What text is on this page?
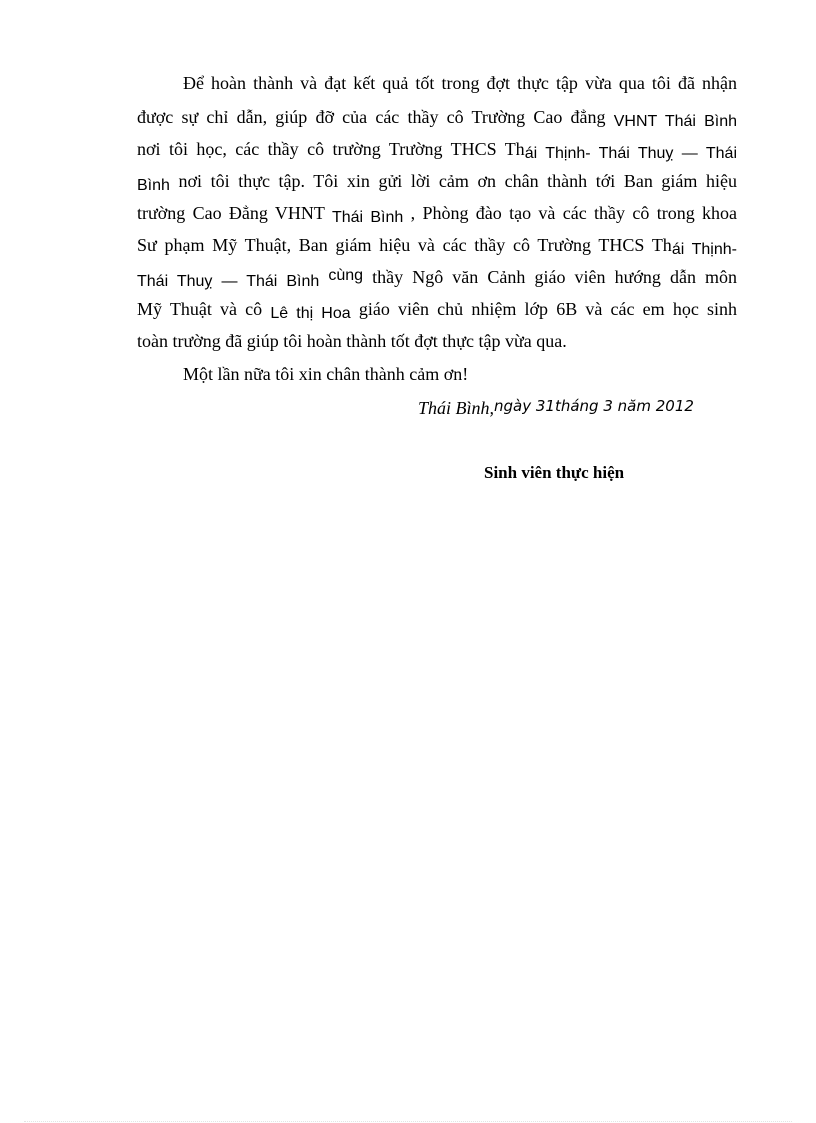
Để hoàn thành và đạt kết quả tốt trong đợt thực tập vừa qua tôi đã nhận
được sự chỉ dẫn, giúp đỡ của các thầy cô Trường Cao đẳng VHNT Thái Bình
nơi tôi học, các thầy cô trường Trường THCS Thái Thịnh- Thái Thuỵ — Thái
Bình nơi tôi thực tập. Tôi xin gửi lời cảm ơn chân thành tới Ban giám hiệu
trường Cao Đẳng VHNT Thái Bình , Phòng đào tạo và các thầy cô trong khoa
Sư phạm Mỹ Thuật, Ban giám hiệu và các thầy cô Trường THCS Thái Thịnh-
Thái Thuỵ — Thái Bình cùng thầy Ngô văn Cảnh giáo viên hướng dẫn môn
Mỹ Thuật và cô Lê thị Hoa giáo viên chủ nhiệm lớp 6B và các em học sinh
toàn trường đã giúp tôi hoàn thành tốt đợt thực tập vừa qua.
Một lần nữa tôi xin chân thành cảm ơn!
Thái Bình,ngày 31tháng 3 năm 2012
Sinh viên thực hiện
